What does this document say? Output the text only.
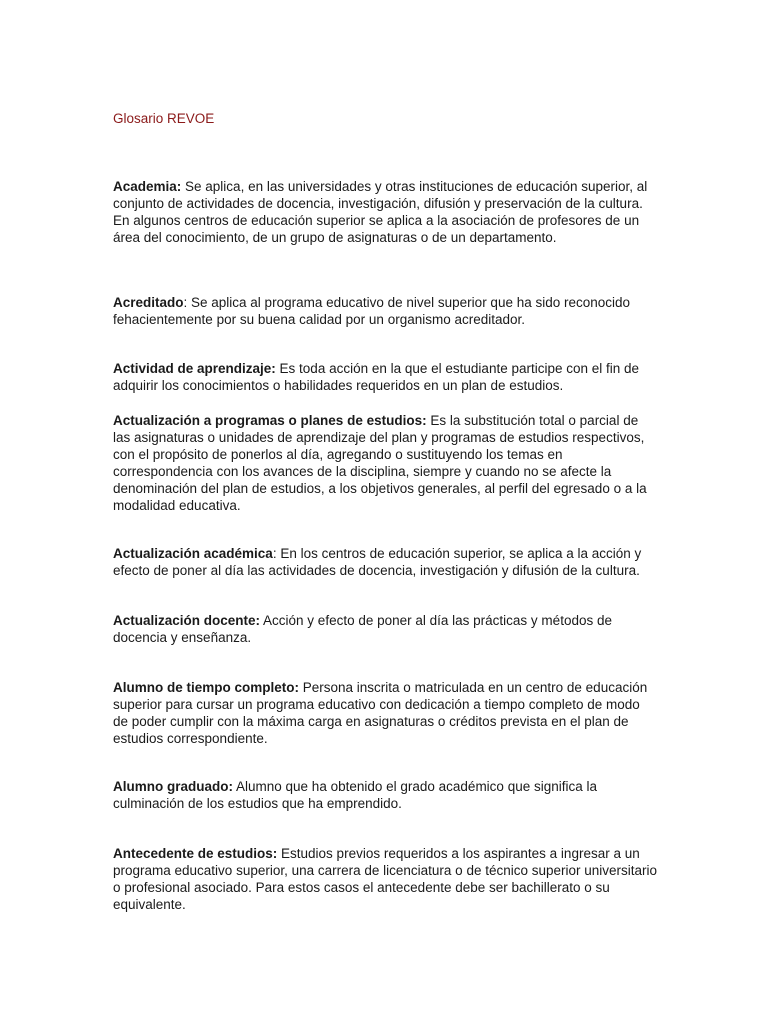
Glosario REVOE

Academia: Se aplica, en las universidades y otras instituciones de educación superior, al conjunto de actividades de docencia, investigación, difusión y preservación de la cultura. En algunos centros de educación superior se aplica a la asociación de profesores de un área del conocimiento, de un grupo de asignaturas o de un departamento.

Acreditado: Se aplica al programa educativo de nivel superior que ha sido reconocido fehacientemente por su buena calidad por un organismo acreditador.

Actividad de aprendizaje: Es toda acción en la que el estudiante participe con el fin de adquirir los conocimientos o habilidades requeridos en un plan de estudios.

Actualización a programas o planes de estudios: Es la substitución total o parcial de las asignaturas o unidades de aprendizaje del plan y programas de estudios respectivos, con el propósito de ponerlos al día, agregando o sustituyendo los temas en correspondencia con los avances de la disciplina, siempre y cuando no se afecte la denominación del plan de estudios, a los objetivos generales, al perfil del egresado o a la modalidad educativa.

Actualización académica: En los centros de educación superior, se aplica a la acción y efecto de poner al día las actividades de docencia, investigación y difusión de la cultura.

Actualización docente: Acción y efecto de poner al día las prácticas y métodos de docencia y enseñanza.

Alumno de tiempo completo: Persona inscrita o matriculada en un centro de educación superior para cursar un programa educativo con dedicación a tiempo completo de modo de poder cumplir con la máxima carga en asignaturas o créditos prevista en el plan de estudios correspondiente.

Alumno graduado: Alumno que ha obtenido el grado académico que significa la culminación de los estudios que ha emprendido.

Antecedente de estudios: Estudios previos requeridos a los aspirantes a ingresar a un programa educativo superior, una carrera de licenciatura o de técnico superior universitario o profesional asociado. Para estos casos el antecedente debe ser bachillerato o su equivalente.
